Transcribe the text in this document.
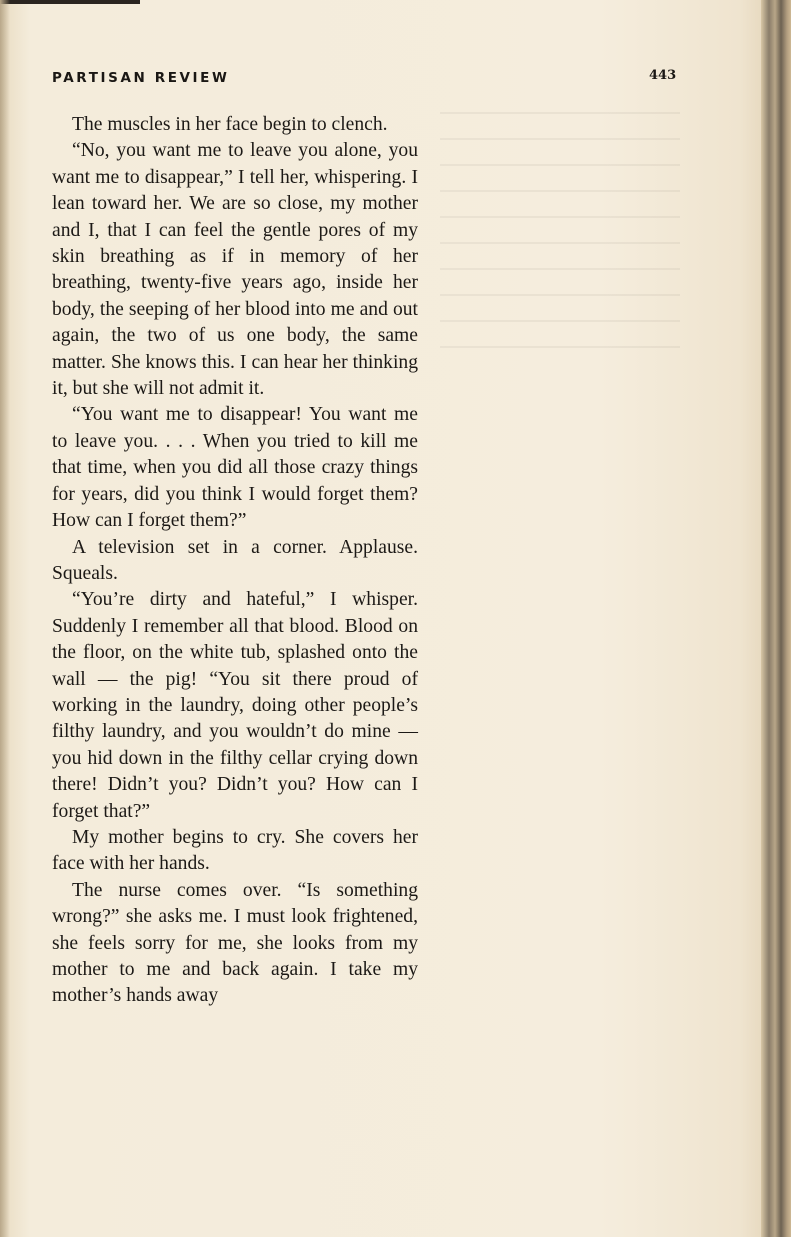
PARTISAN REVIEW	443

The muscles in her face begin to clench.

“No, you want me to leave you alone, you want me to disappear,” I tell her, whispering. I lean toward her. We are so close, my mother and I, that I can feel the gentle pores of my skin breathing as if in memory of her breathing, twenty-five years ago, inside her body, the seeping of her blood into me and out again, the two of us one body, the same matter. She knows this. I can hear her thinking it, but she will not admit it.

“You want me to disappear! You want me to leave you. . . . When you tried to kill me that time, when you did all those crazy things for years, did you think I would forget them? How can I forget them?”

A television set in a corner. Applause. Squeals.

“You’re dirty and hateful,” I whisper. Suddenly I remember all that blood. Blood on the floor, on the white tub, splashed onto the wall — the pig! “You sit there proud of working in the laundry, doing other people’s filthy laundry, and you wouldn’t do mine — you hid down in the filthy cellar crying down there! Didn’t you? Didn’t you? How can I forget that?”

My mother begins to cry. She covers her face with her hands.

The nurse comes over. “Is something wrong?” she asks me. I must look frightened, she feels sorry for me, she looks from my mother to me and back again. I take my mother’s hands away
